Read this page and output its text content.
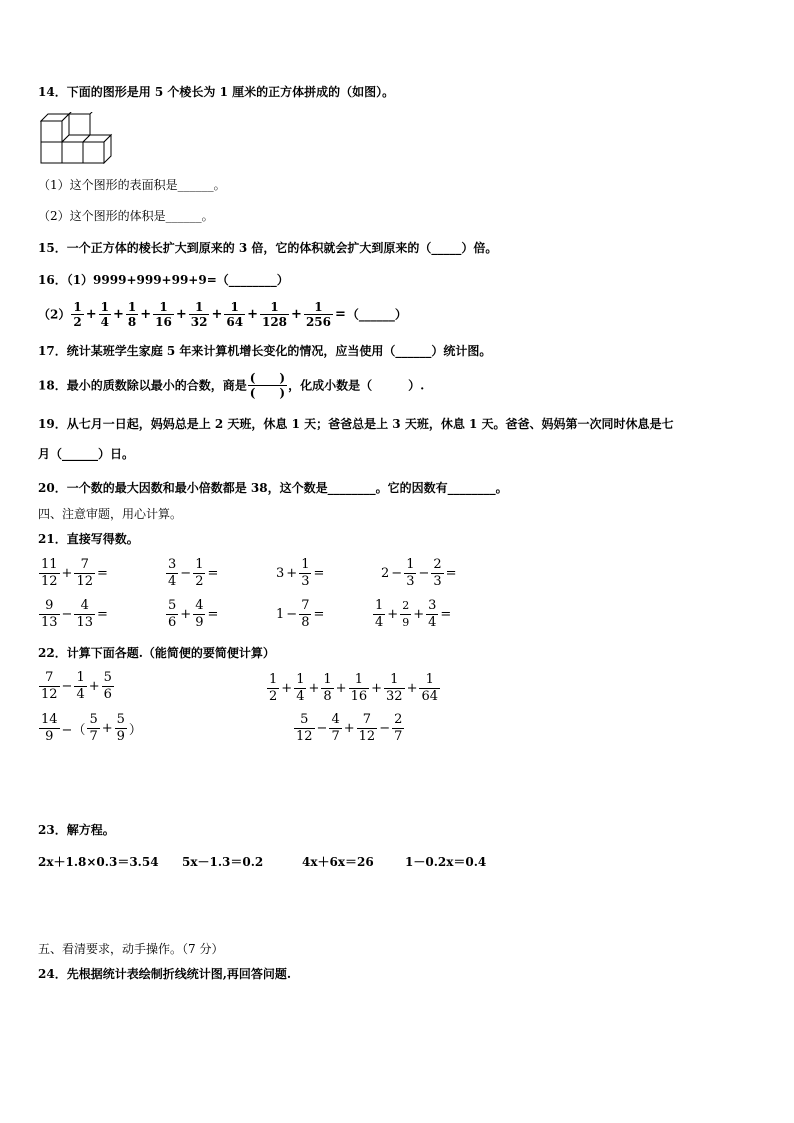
14．下面的图形是用 5 个棱长为 1 厘米的正方体拼成的（如图）。
（1）这个图形的表面积是______。
（2）这个图形的体积是______。
15．一个正方体的棱长扩大到原来的 3 倍，它的体积就会扩大到原来的（_____）倍。
16．（1）9999+999+99+9=（________）
$(2) \frac{1}{2} + \frac{1}{4} + \frac{1}{8} + \frac{1}{16} + \frac{1}{32} + \frac{1}{64} + \frac{1}{128} + \frac{1}{256}$ =（______）
17．统计某班学生家庭 5 年来计算机增长变化的情况，应当使用（______）统计图。
18．最小的质数除以最小的合数，商是
(　　)
(　　)
，化成小数是（　　　）.
19．从七月一日起，妈妈总是上 2 天班，休息 1 天；爸爸总是上 3 天班，休息 1 天。爸爸、妈妈第一次同时休息是七
月（______）日。
20．一个数的最大因数和最小倍数都是 38，这个数是________。它的因数有________。
四、注意审题，用心计算。
21．直接写得数。
$\frac{11}{12} + \frac{7}{12}$ =	$\frac{3}{4} - \frac{1}{2}$ =	$3 + \frac{1}{3}$ =	$2 - \frac{1}{3} - \frac{2}{3}$ =
$\frac{9}{13} - \frac{4}{13}$ =	$\frac{5}{6} + \frac{4}{9}$ =	$1 - \frac{7}{8}$ =	$\frac{1}{4} + \frac{2}{9} + \frac{3}{4}$ =
22．计算下面各题.（能简便的要简便计算）
$\frac{7}{12} - \frac{1}{4} + \frac{5}{6}$	$\frac{1}{2} + \frac{1}{4} + \frac{1}{8} + \frac{1}{16} + \frac{1}{32} + \frac{1}{64}$
$\frac{14}{9}$ −（ $\frac{5}{7} + \frac{5}{9}$ ）	$\frac{5}{12} - \frac{4}{7} + \frac{7}{12} - \frac{2}{7}$
23．解方程。
2x＋1.8×0.3＝3.54 5x－1.3＝0.2	4x＋6x＝26	1－0.2x＝0.4
五、看清要求，动手操作。（7 分）
24．先根据统计表绘制折线统计图,再回答问题.
